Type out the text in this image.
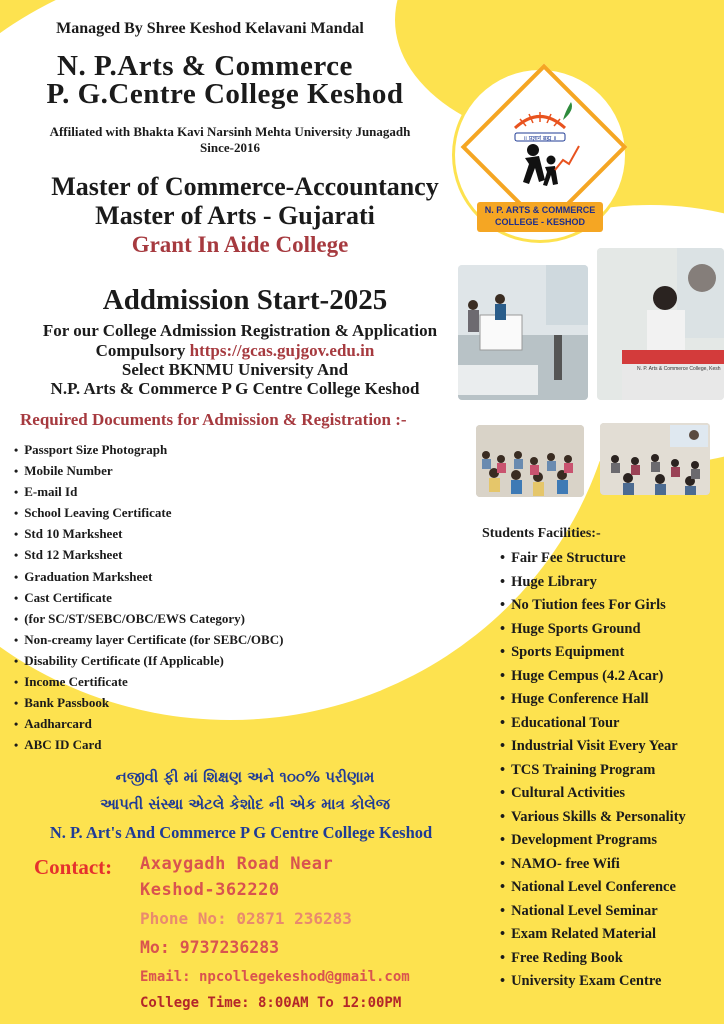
Managed By Shree Keshod Kelavani Mandal
N. P.Arts & Commerce
P. G.Centre College Keshod
Affiliated with Bhakta Kavi Narsinh Mehta University Junagadh
Since-2016
Master of Commerce-Accountancy
Master of Arts - Gujarati
Grant In Aide College
Addmission Start-2025
For our College Admission Registration & Application
Compulsory https://gcas.gujgov.edu.in
Select BKNMU University And
N.P. Arts & Commerce P G Centre College Keshod
॥ प्रज्ञानं ब्रह्म ॥
N. P. ARTS & COMMERCE
COLLEGE - KESHOD
N. P. Arts & Commerce College, Kesh
Required Documents for Admission & Registration :-
• Passport Size Photograph
• Mobile Number
• E-mail Id
• School Leaving Certificate
• Std 10 Marksheet
• Std 12 Marksheet
• Graduation Marksheet
• Cast Certificate
• (for SC/ST/SEBC/OBC/EWS Category)
• Non-creamy layer Certificate (for SEBC/OBC)
• Disability Certificate (If Applicable)
• Income Certificate
• Bank Passbook
• Aadharcard
• ABC ID Card
Students Facilities:-
• Fair Fee Structure
• Huge Library
• No Tiution fees For Girls
• Huge Sports Ground
• Sports Equipment
• Huge Cempus (4.2 Acar)
• Huge Conference Hall
• Educational Tour
• Industrial Visit Every Year
• TCS Training Program
• Cultural Activities
• Various Skills & Personality
• Development Programs
• NAMO- free Wifi
• National Level Conference
• National Level Seminar
• Exam Related Material
• Free Reding Book
• University Exam Centre
નજીવી ફી માં શિક્ષણ અને ૧૦૦% પરીણામ
આપતી સંસ્થા એટલે કેશોદ ની એક માત્ર કોલેજ
N. P. Art's And Commerce P G Centre College Keshod
Contact:	Axaygadh Road Near
Keshod-362220
Phone No: 02871 236283
Mo: 9737236283
Email: npcollegekeshod@gmail.com
College Time: 8:00AM To 12:00PM
